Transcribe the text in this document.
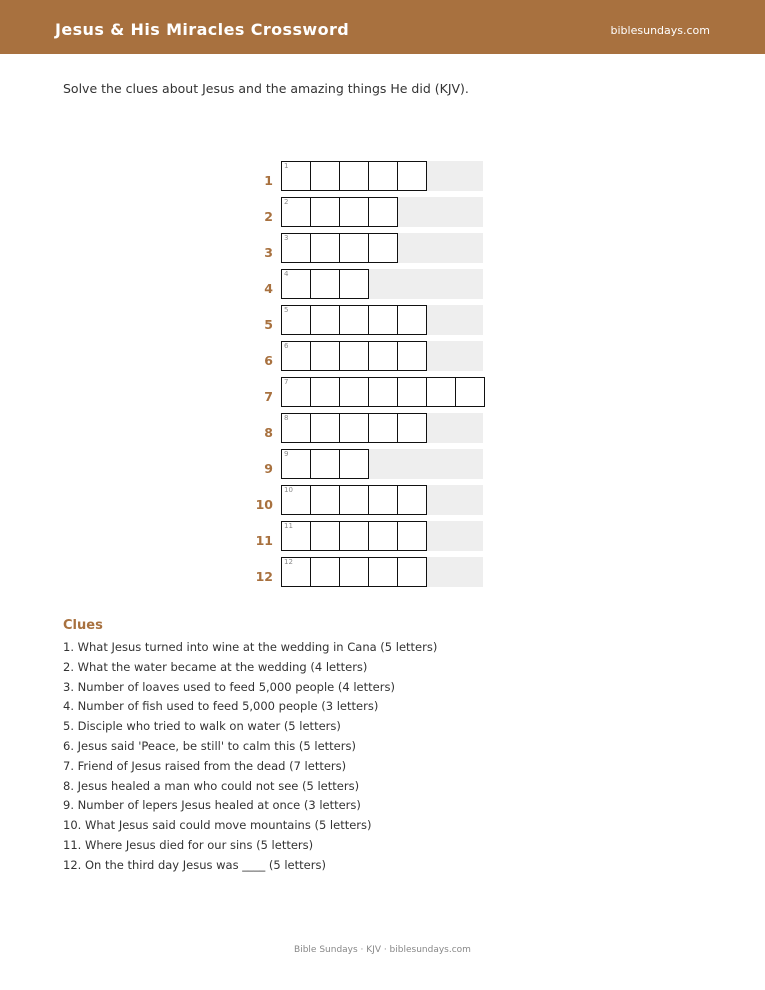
Jesus & His Miracles Crossword	biblesundays.com
Solve the clues about Jesus and the amazing things He did (KJV).
1
1
2
2
3
3
4
4
5
5
6
6
7
7
8
8
9
9
10
10
11
11
12
12
Clues
1. What Jesus turned into wine at the wedding in Cana (5 letters)
2. What the water became at the wedding (4 letters)
3. Number of loaves used to feed 5,000 people (4 letters)
4. Number of fish used to feed 5,000 people (3 letters)
5. Disciple who tried to walk on water (5 letters)
6. Jesus said 'Peace, be still' to calm this (5 letters)
7. Friend of Jesus raised from the dead (7 letters)
8. Jesus healed a man who could not see (5 letters)
9. Number of lepers Jesus healed at once (3 letters)
10. What Jesus said could move mountains (5 letters)
11. Where Jesus died for our sins (5 letters)
12. On the third day Jesus was ____ (5 letters)
Bible Sundays · KJV · biblesundays.com
